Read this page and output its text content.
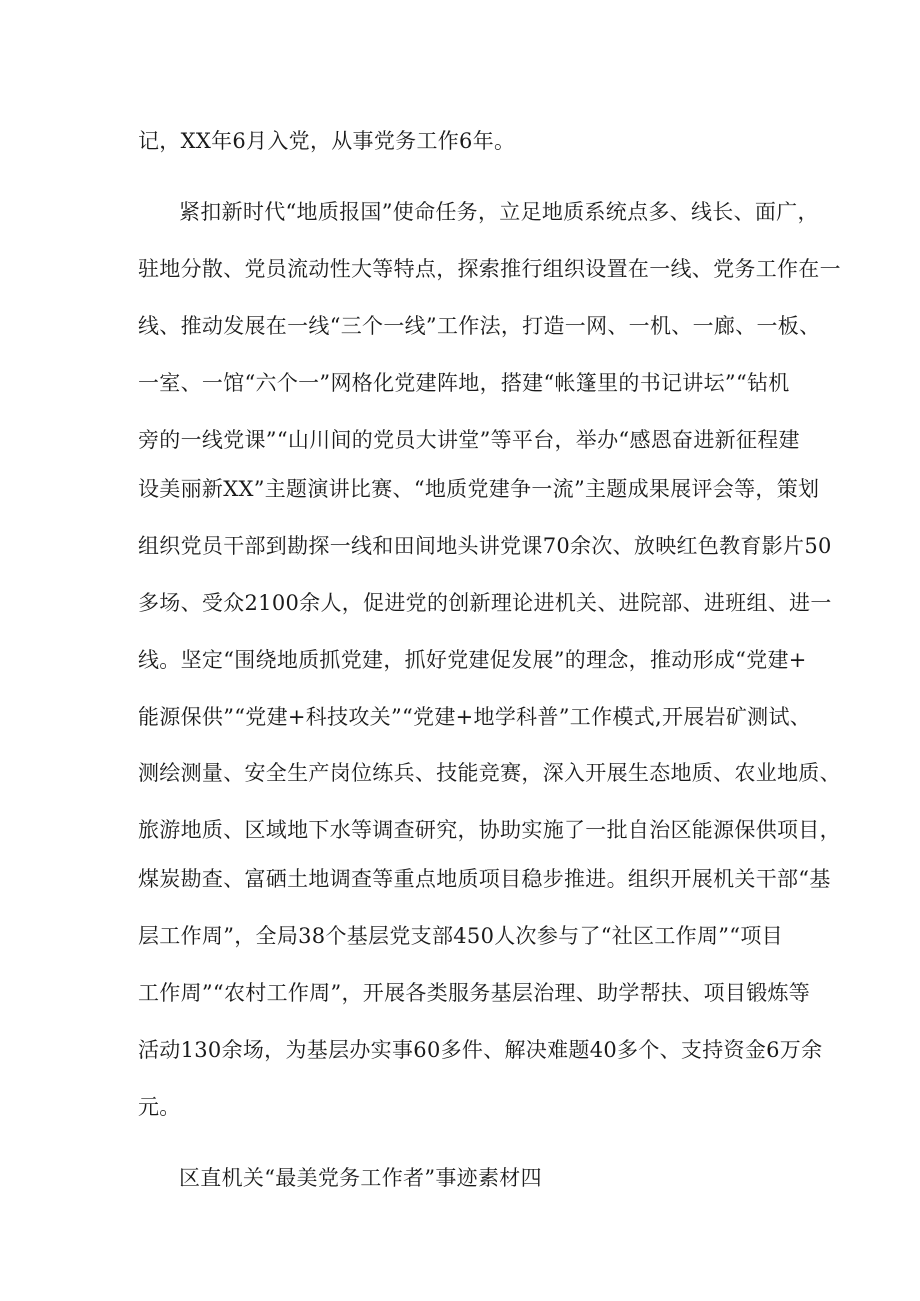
记，XX年6月入党，从事党务工作6年。
紧扣新时代“地质报国”使命任务，立足地质系统点多、线长、面广，
驻地分散、党员流动性大等特点，探索推行组织设置在一线、党务工作在一
线、推动发展在一线“三个一线”工作法，打造一网、一机、一廊、一板、
一室、一馆“六个一”网格化党建阵地，搭建“帐篷里的书记讲坛”“钻机
旁的一线党课”“山川间的党员大讲堂”等平台，举办“感恩奋进新征程建
设美丽新XX”主题演讲比赛、“地质党建争一流”主题成果展评会等，策划
组织党员干部到勘探一线和田间地头讲党课70余次、放映红色教育影片50
多场、受众2100余人，促进党的创新理论进机关、进院部、进班组、进一
线。坚定“围绕地质抓党建，抓好党建促发展”的理念，推动形成“党建+
能源保供”“党建+科技攻关”“党建+地学科普”工作模式,开展岩矿测试、
测绘测量、安全生产岗位练兵、技能竞赛，深入开展生态地质、农业地质、
旅游地质、区域地下水等调查研究，协助实施了一批自治区能源保供项目，
煤炭勘查、富硒土地调查等重点地质项目稳步推进。组织开展机关干部“基
层工作周”，全局38个基层党支部450人次参与了“社区工作周”“项目
工作周”“农村工作周”，开展各类服务基层治理、助学帮扶、项目锻炼等
活动130余场，为基层办实事60多件、解决难题40多个、支持资金6万余
元。
区直机关“最美党务工作者”事迹素材四
